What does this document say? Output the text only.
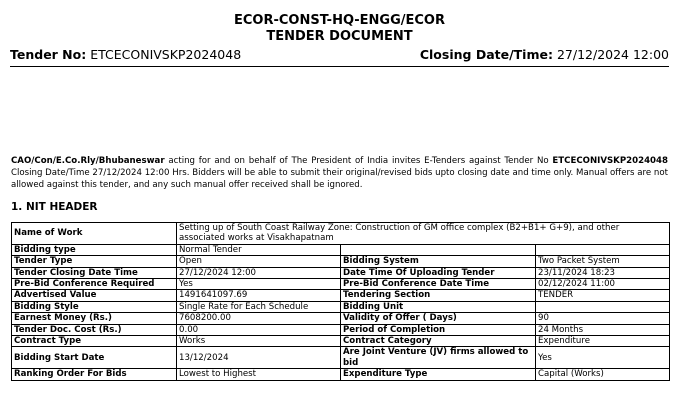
ECOR-CONST-HQ-ENGG/ECOR
TENDER DOCUMENT
Tender No: ETCECONIVSKP2024048	Closing Date/Time: 27/12/2024 12:00
CAO/Con/E.Co.Rly/Bhubaneswar acting for and on behalf of The President of India invites E-Tenders against Tender No ETCECONIVSKP2024048 Closing Date/Time 27/12/2024 12:00 Hrs. Bidders will be able to submit their original/revised bids upto closing date and time only. Manual offers are not allowed against this tender, and any such manual offer received shall be ignored.
1. NIT HEADER
Name of Work	Setting up of South Coast Railway Zone: Construction of GM office complex (B2+B1+ G+9), and other associated works at Visakhapatnam		
Bidding type	Normal Tender		
Tender Type	Open	Bidding System	Two Packet System
Tender Closing Date Time	27/12/2024 12:00	Date Time Of Uploading Tender	23/11/2024 18:23
Pre-Bid Conference Required	Yes	Pre-Bid Conference Date Time	02/12/2024 11:00
Advertised Value	1491641097.69	Tendering Section	TENDER
Bidding Style	Single Rate for Each Schedule	Bidding Unit	
Earnest Money (Rs.)	7608200.00	Validity of Offer ( Days)	90
Tender Doc. Cost (Rs.)	0.00	Period of Completion	24 Months
Contract Type	Works	Contract Category	Expenditure
Bidding Start Date	13/12/2024	Are Joint Venture (JV) firms allowed to bid	Yes
Ranking Order For Bids	Lowest to Highest	Expenditure Type	Capital (Works)
